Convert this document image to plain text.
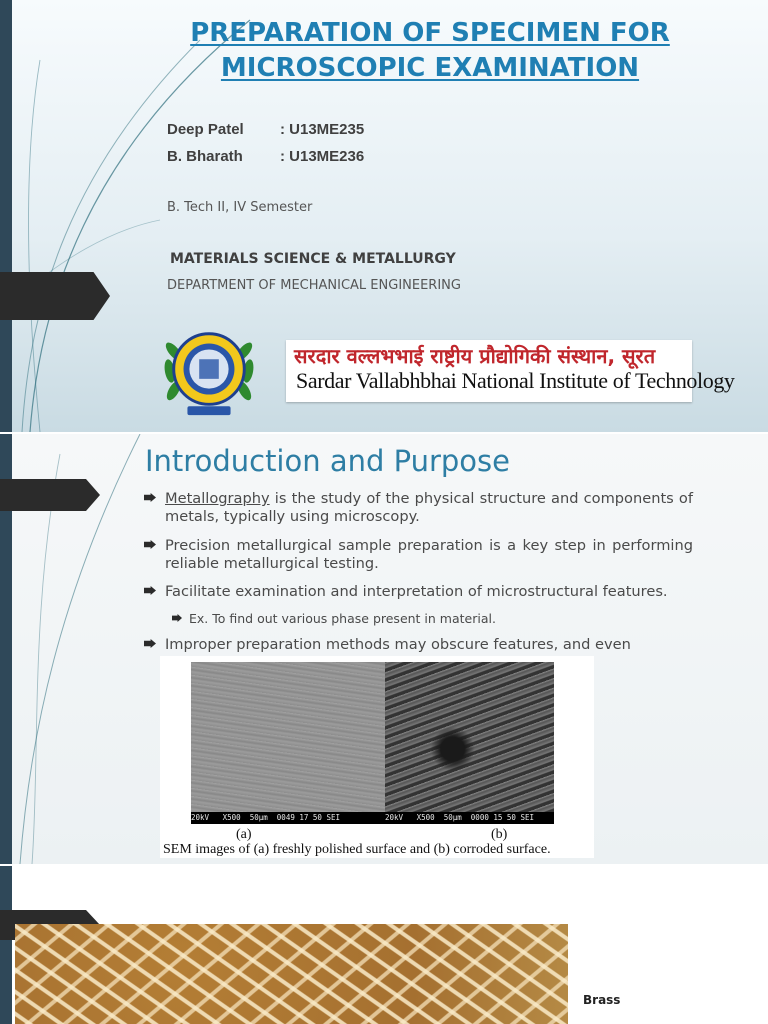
PREPARATION OF SPECIMEN FOR
MICROSCOPIC EXAMINATION
Deep Patel : U13ME235
B. Bharath : U13ME236
B. Tech II, IV Semester
MATERIALS SCIENCE & METALLURGY
DEPARTMENT OF MECHANICAL ENGINEERING
सरदार वल्लभभाई राष्ट्रीय प्रौद्योगिकी संस्थान, सूरत
Sardar Vallabhbhai National Institute of Technology
Introduction and Purpose
Metallography is the study of the physical structure and components of metals, typically using microscopy.
Precision metallurgical sample preparation is a key step in performing reliable metallurgical testing.
Facilitate examination and interpretation of microstructural features.
Ex. To find out various phase present in material.
Improper preparation methods may obscure features, and even
20kV   X500  50μm  0049 17 50 SEI	20kV   X500  50μm  0000 15 50 SEI
(a)	(b)
SEM images of (a) freshly polished surface and (b) corroded surface.
Brass
